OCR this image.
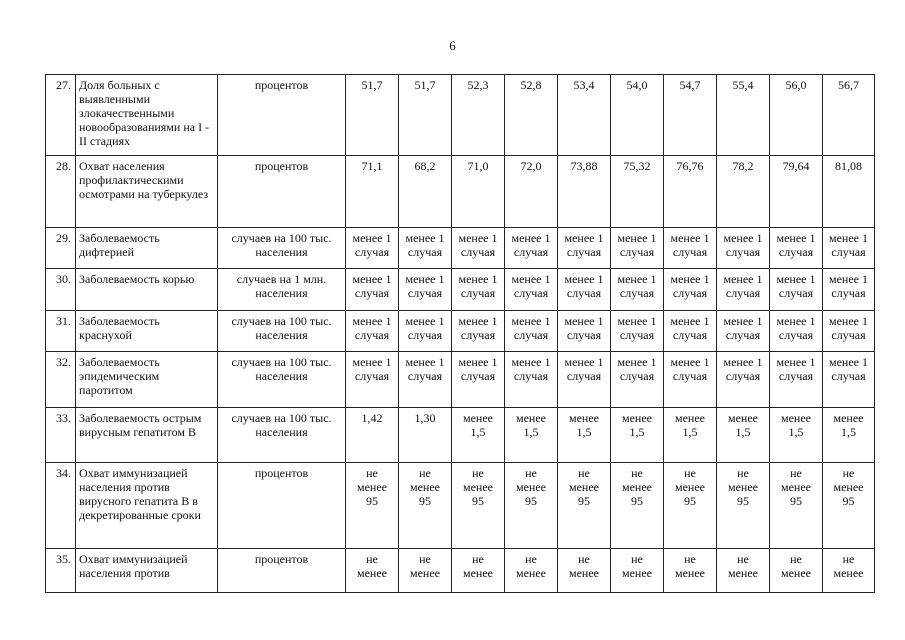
6
27.	Доля больных с выявленными злокачественными новообразованиями на I - II стадиях	процентов	51,7	51,7	52,3	52,8	53,4	54,0	54,7	55,4	56,0	56,7

28.	Охват населения профилактическими осмотрами на туберкулез	процентов	71,1	68,2	71,0	72,0	73,88	75,32	76,76	78,2	79,64	81,08

29.	Заболеваемость дифтерией	случаев на 100 тыс. населения	менее 1
случая	менее 1
случая	менее 1
случая	менее 1
случая	менее 1
случая	менее 1
случая	менее 1
случая	менее 1
случая	менее 1
случая	менее 1
случая

30.	Заболеваемость корью	случаев на 1 млн. населения	менее 1
случая	менее 1
случая	менее 1
случая	менее 1
случая	менее 1
случая	менее 1
случая	менее 1
случая	менее 1
случая	менее 1
случая	менее 1
случая

31.	Заболеваемость краснухой	случаев на 100 тыс. населения	менее 1
случая	менее 1
случая	менее 1
случая	менее 1
случая	менее 1
случая	менее 1
случая	менее 1
случая	менее 1
случая	менее 1
случая	менее 1
случая

32.	Заболеваемость эпидемическим паротитом	случаев на 100 тыс. населения	менее 1
случая	менее 1
случая	менее 1
случая	менее 1
случая	менее 1
случая	менее 1
случая	менее 1
случая	менее 1
случая	менее 1
случая	менее 1
случая

33.	Заболеваемость острым вирусным гепатитом В	случаев на 100 тыс. населения	1,42	1,30	менее
1,5	менее
1,5	менее
1,5	менее
1,5	менее
1,5	менее
1,5	менее
1,5	менее
1,5

34.	Охват иммунизацией населения против вирусного гепатита В в декретированные сроки	процентов	не
менее
95	не
менее
95	не
менее
95	не
менее
95	не
менее
95	не
менее
95	не
менее
95	не
менее
95	не
менее
95	не
менее
95

35.	Охват иммунизацией населения против	процентов	не
менее	не
менее	не
менее	не
менее	не
менее	не
менее	не
менее	не
менее	не
менее	не
менее
